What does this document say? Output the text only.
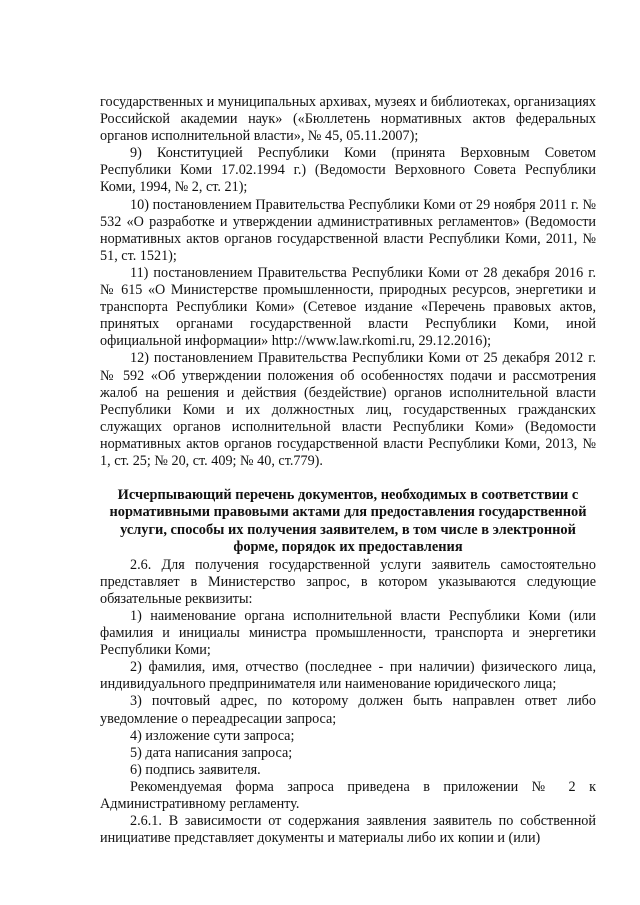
государственных и муниципальных архивах, музеях и библиотеках, организациях Российской академии наук» («Бюллетень нормативных актов федеральных органов исполнительной власти», № 45, 05.11.2007);

9) Конституцией Республики Коми (принята Верховным Советом Республики Коми 17.02.1994 г.) (Ведомости Верховного Совета Республики Коми, 1994, № 2, ст. 21);

10) постановлением Правительства Республики Коми от 29 ноября 2011 г. № 532 «О разработке и утверждении административных регламентов» (Ведомости нормативных актов органов государственной власти Республики Коми, 2011, № 51, ст. 1521);

11) постановлением Правительства Республики Коми от 28 декабря 2016 г. № 615 «О Министерстве промышленности, природных ресурсов, энергетики и транспорта Республики Коми» (Сетевое издание «Перечень правовых актов, принятых органами государственной власти Республики Коми, иной официальной информации» http://www.law.rkomi.ru, 29.12.2016);

12) постановлением Правительства Республики Коми от 25 декабря 2012 г. № 592 «Об утверждении положения об особенностях подачи и рассмотрения жалоб на решения и действия (бездействие) органов исполнительной власти Республики Коми и их должностных лиц, государственных гражданских служащих органов исполнительной власти Республики Коми» (Ведомости нормативных актов органов государственной власти Республики Коми, 2013, № 1, ст. 25; № 20, ст. 409; № 40, ст.779).

Исчерпывающий перечень документов, необходимых в соответствии с нормативными правовыми актами для предоставления государственной услуги, способы их получения заявителем, в том числе в электронной форме, порядок их предоставления

2.6. Для получения государственной услуги заявитель самостоятельно представляет в Министерство запрос, в котором указываются следующие обязательные реквизиты:

1) наименование органа исполнительной власти Республики Коми (или фамилия и инициалы министра промышленности, транспорта и энергетики Республики Коми;

2) фамилия, имя, отчество (последнее - при наличии) физического лица, индивидуального предпринимателя или наименование юридического лица;

3) почтовый адрес, по которому должен быть направлен ответ либо уведомление о переадресации запроса;

4) изложение сути запроса;

5) дата написания запроса;

6) подпись заявителя.

Рекомендуемая форма запроса приведена в приложении № 2 к Административному регламенту.

2.6.1. В зависимости от содержания заявления заявитель по собственной инициативе представляет документы и материалы либо их копии и (или)
